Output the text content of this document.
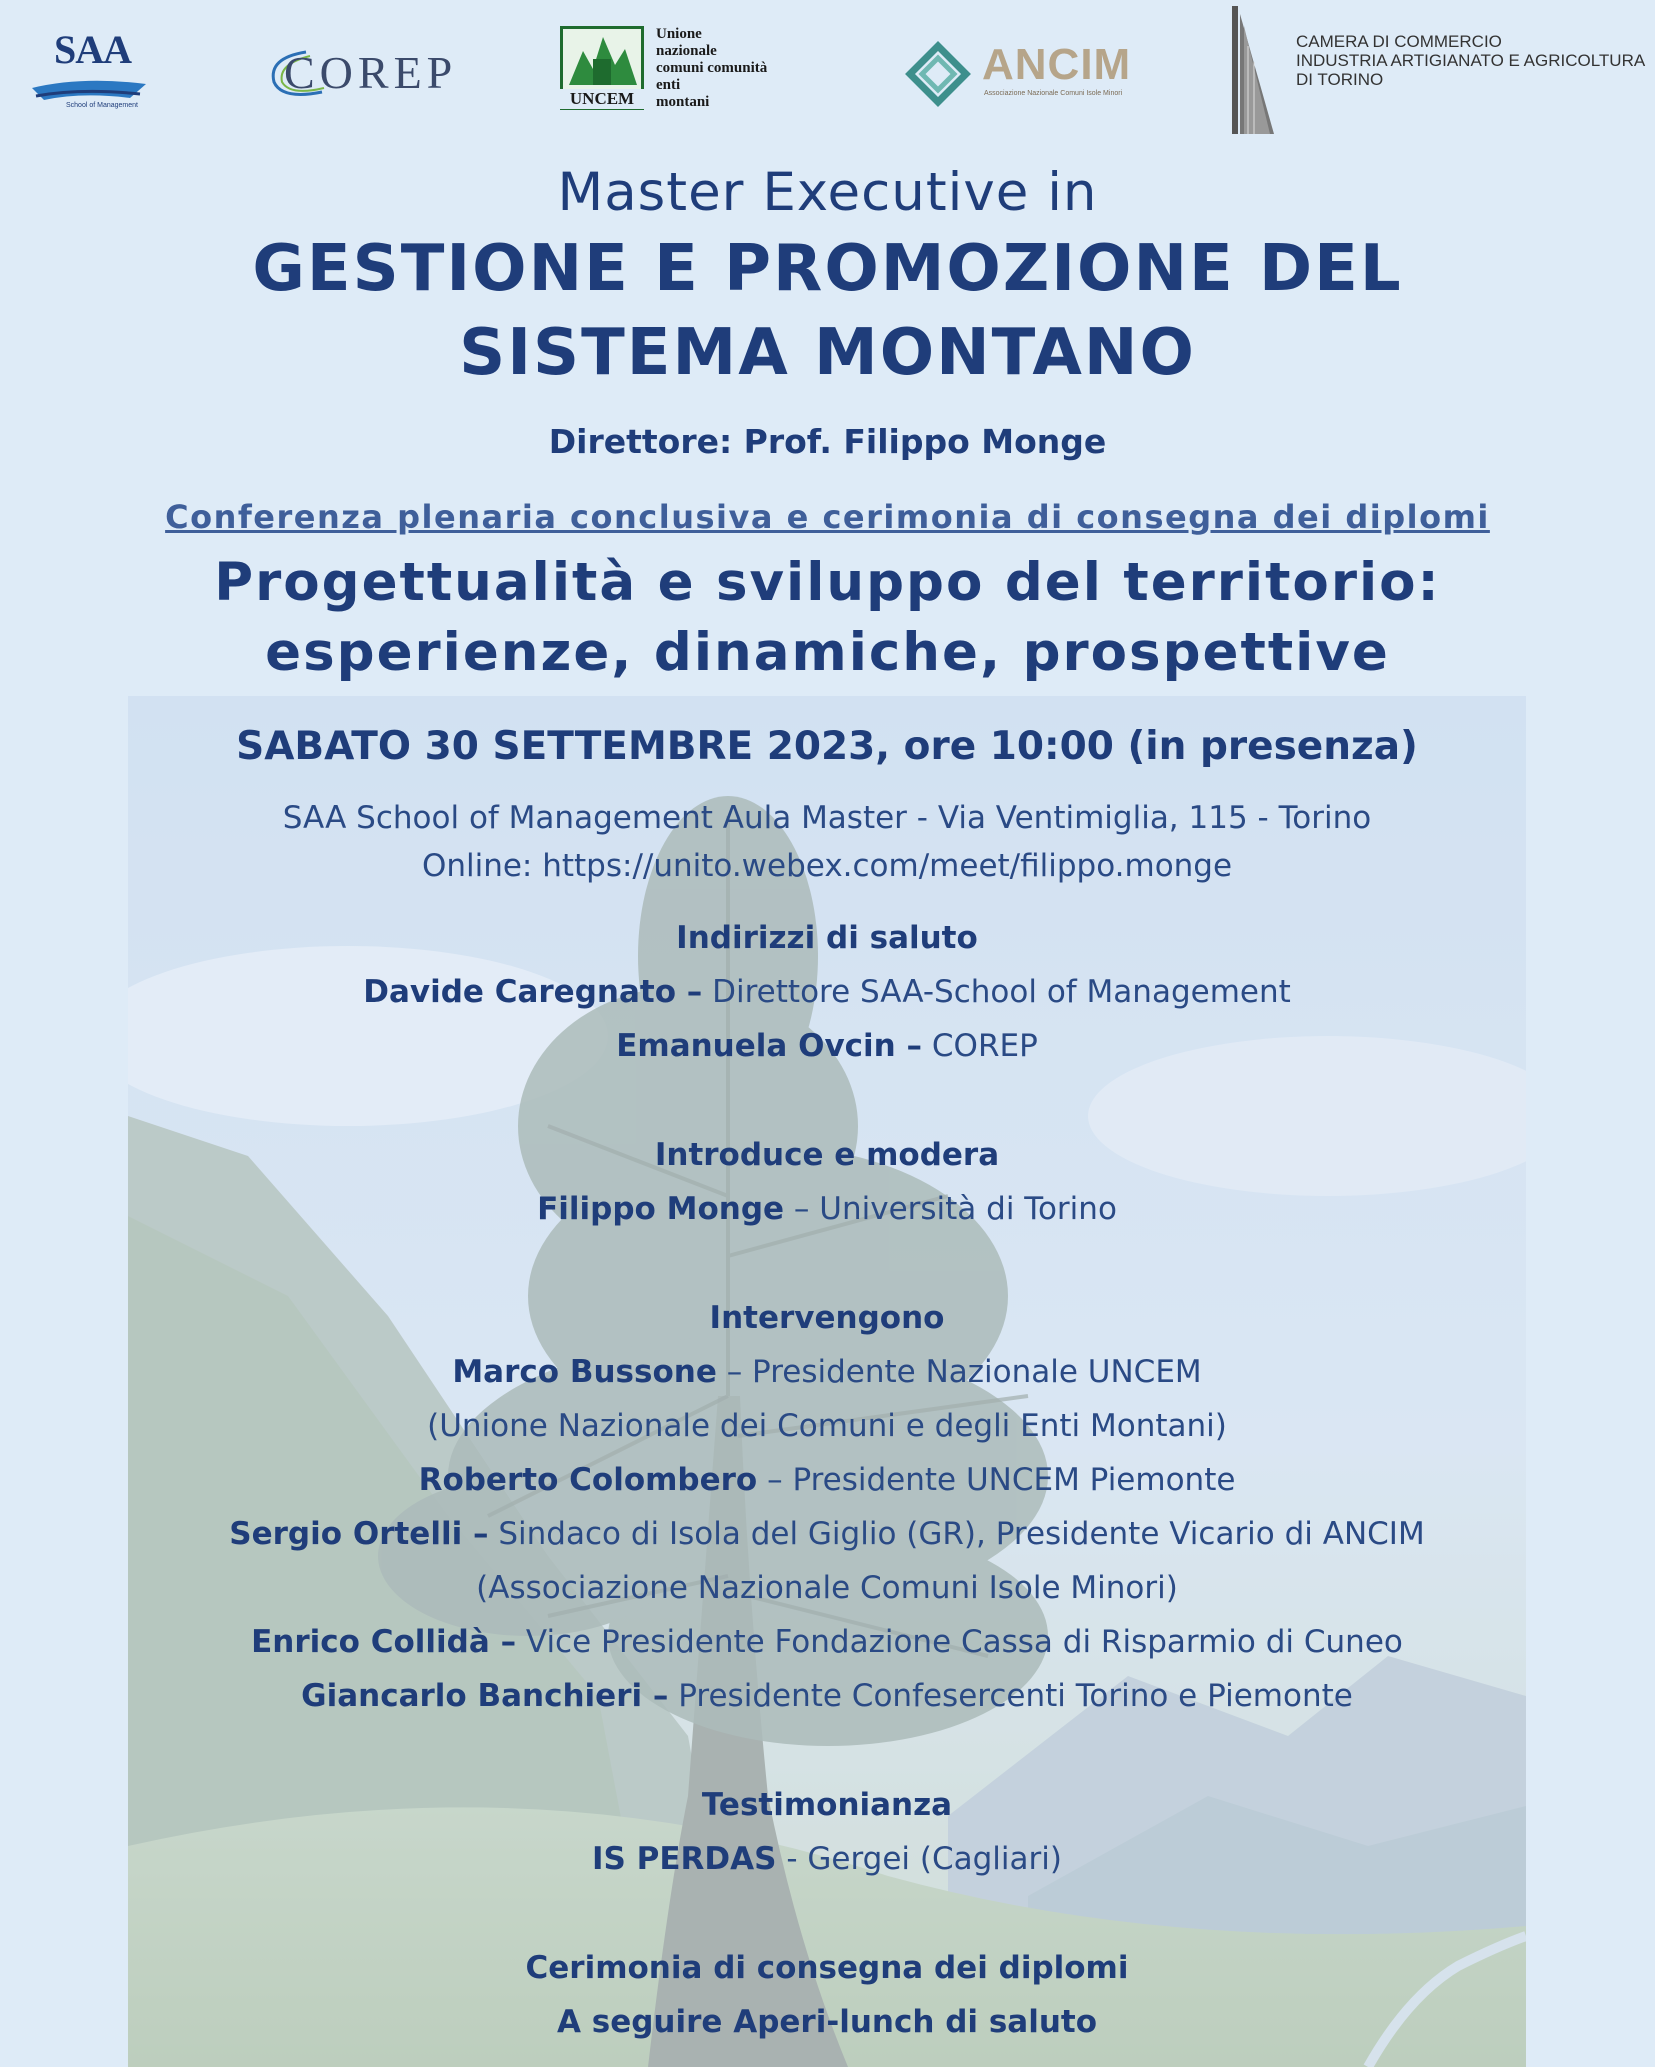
SAA
School of Management
COREP
UNCEM
Unione
nazionale
comuni comunità
enti
montani
ANCIM
Associazione Nazionale Comuni Isole Minori
CAMERA DI COMMERCIO
INDUSTRIA ARTIGIANATO E AGRICOLTURA
DI TORINO
Master Executive in
GESTIONE E PROMOZIONE DEL
SISTEMA MONTANO
Direttore: Prof. Filippo Monge
Conferenza plenaria conclusiva e cerimonia di consegna dei diplomi
Progettualità e sviluppo del territorio:
esperienze, dinamiche, prospettive
SABATO 30 SETTEMBRE 2023, ore 10:00 (in presenza)
SAA School of Management Aula Master - Via Ventimiglia, 115 - Torino
Online: https://unito.webex.com/meet/filippo.monge
Indirizzi di saluto
Davide Caregnato – Direttore SAA-School of Management
Emanuela Ovcin – COREP
Introduce e modera
Filippo Monge – Università di Torino
Intervengono
Marco Bussone – Presidente Nazionale UNCEM
(Unione Nazionale dei Comuni e degli Enti Montani)
Roberto Colombero – Presidente UNCEM Piemonte
Sergio Ortelli – Sindaco di Isola del Giglio (GR), Presidente Vicario di ANCIM
(Associazione Nazionale Comuni Isole Minori)
Enrico Collidà – Vice Presidente Fondazione Cassa di Risparmio di Cuneo
Giancarlo Banchieri – Presidente Confesercenti Torino e Piemonte
Testimonianza
IS PERDAS - Gergei (Cagliari)
Cerimonia di consegna dei diplomi
A seguire Aperi-lunch di saluto
